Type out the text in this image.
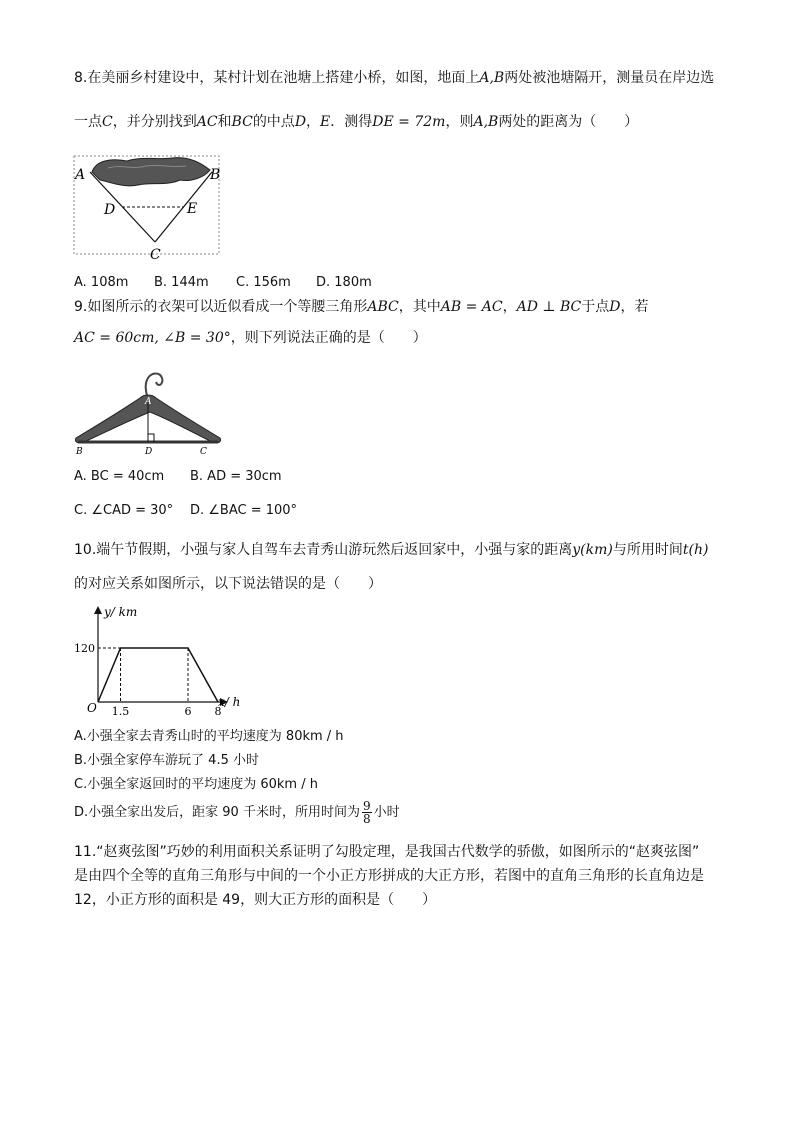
8.在美丽乡村建设中，某村计划在池塘上搭建小桥，如图，地面上A,B两处被池塘隔开，测量员在岸边选
一点C，并分别找到AC和BC的中点D，E．测得DE = 72m，则A,B两处的距离为（　　）
A	B
D	E
C
A. 108m B. 144m C. 156m D. 180m
9.如图所示的衣架可以近似看成一个等腰三角形ABC，其中AB = AC，AD ⊥ BC于点D，若
AC = 60cm, ∠B = 30°，则下列说法正确的是（　　）
A
B	D	C
A. BC = 40cm B. AD = 30cm
C. ∠CAD = 30° D. ∠BAC = 100°
10.端午节假期，小强与家人自驾车去青秀山游玩然后返回家中，小强与家的距离y(km)与所用时间t(h)
的对应关系如图所示，以下说法错误的是（　　）
y/ km
x/ h
O 1.5	6 8
120
A.小强全家去青秀山时的平均速度为 80km / h
B.小强全家停车游玩了 4.5 小时
C.小强全家返回时的平均速度为 60km / h
D.小强全家出发后，距家 90 千米时，所用时间为 $\frac{9}{8}$ 小时
11.“赵爽弦图”巧妙的利用面积关系证明了勾股定理，是我国古代数学的骄傲，如图所示的“赵爽弦图”
是由四个全等的直角三角形与中间的一个小正方形拼成的大正方形，若图中的直角三角形的长直角边是
12，小正方形的面积是 49，则大正方形的面积是（　　）
